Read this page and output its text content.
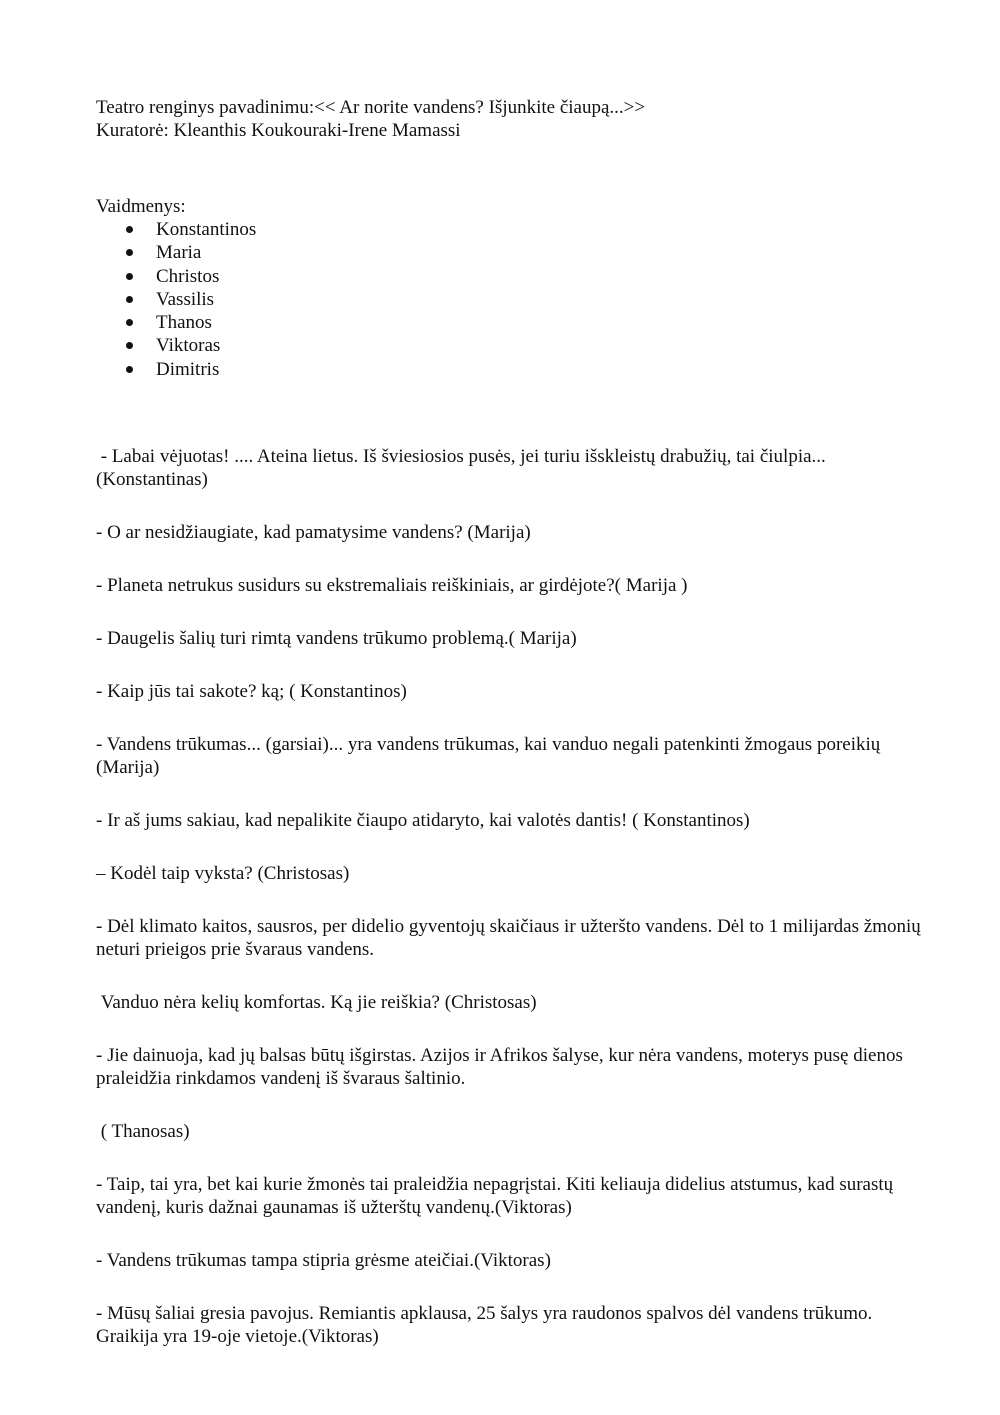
Teatro renginys pavadinimu:<< Ar norite vandens? Išjunkite čiaupą...>>
Kuratorė: Kleanthis Koukouraki-Irene Mamassi
Vaidmenys:
Konstantinos
Maria
Christos
Vassilis
Thanos
Viktoras
Dimitris
- Labai vėjuotas! .... Ateina lietus. Iš šviesiosios pusės, jei turiu išskleistų drabužių, tai čiulpia... (Konstantinas)
- O ar nesidžiaugiate, kad pamatysime vandens? (Marija)
- Planeta netrukus susidurs su ekstremaliais reiškiniais, ar girdėjote?( Marija )
- Daugelis šalių turi rimtą vandens trūkumo problemą.( Marija)
- Kaip jūs tai sakote? ką; ( Konstantinos)
- Vandens trūkumas... (garsiai)... yra vandens trūkumas, kai vanduo negali patenkinti žmogaus poreikių (Marija)
- Ir aš jums sakiau, kad nepalikite čiaupo atidaryto, kai valotės dantis! ( Konstantinos)
– Kodėl taip vyksta? (Christosas)
- Dėl klimato kaitos, sausros, per didelio gyventojų skaičiaus ir užteršto vandens. Dėl to 1 milijardas žmonių neturi prieigos prie švaraus vandens.
Vanduo nėra kelių komfortas. Ką jie reiškia? (Christosas)
- Jie dainuoja, kad jų balsas būtų išgirstas. Azijos ir Afrikos šalyse, kur nėra vandens, moterys pusę dienos praleidžia rinkdamos vandenį iš švaraus šaltinio.
( Thanosas)
- Taip, tai yra, bet kai kurie žmonės tai praleidžia nepagrįstai. Kiti keliauja didelius atstumus, kad surastų vandenį, kuris dažnai gaunamas iš užterštų vandenų.(Viktoras)
- Vandens trūkumas tampa stipria grėsme ateičiai.(Viktoras)
- Mūsų šaliai gresia pavojus. Remiantis apklausa, 25 šalys yra raudonos spalvos dėl vandens trūkumo. Graikija yra 19-oje vietoje.(Viktoras)
